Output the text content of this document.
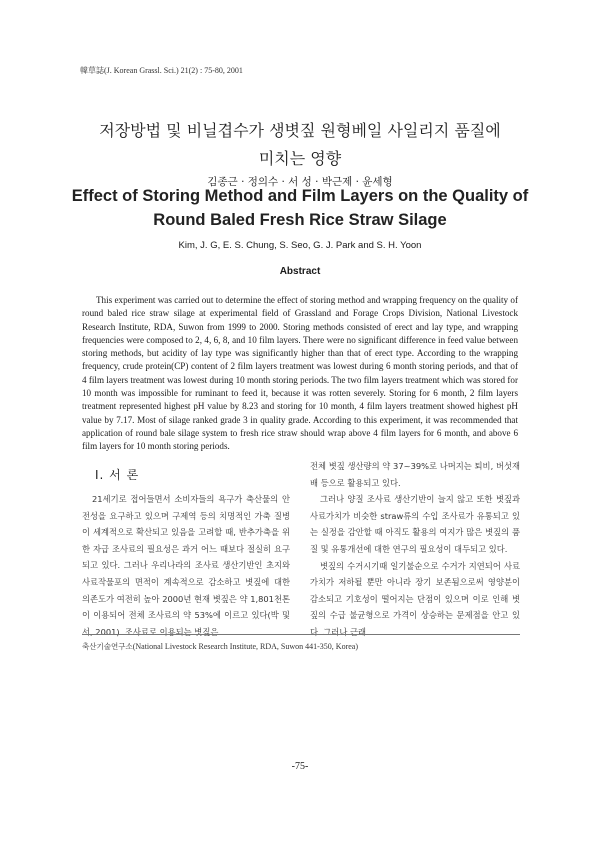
韓草誌(J. Korean Grassl. Sci.) 21(2) : 75-80, 2001
저장방법 및 비닐겹수가 생볏짚 원형베일 사일리지 품질에
미치는 영향
김종근 · 정의수 · 서 성 · 박근제 · 윤세형
Effect of Storing Method and Film Layers on the Quality of
Round Baled Fresh Rice Straw Silage
Kim, J. G, E. S. Chung, S. Seo, G. J. Park and S. H. Yoon
Abstract
This experiment was carried out to determine the effect of storing method and wrapping frequency on the quality of round baled rice straw silage at experimental field of Grassland and Forage Crops Division, National Livestock Research Institute, RDA, Suwon from 1999 to 2000. Storing methods consisted of erect and lay type, and wrapping frequencies were composed to 2, 4, 6, 8, and 10 film layers. There were no significant difference in feed value between storing methods, but acidity of lay type was significantly higher than that of erect type. According to the wrapping frequency, crude protein(CP) content of 2 film layers treatment was lowest during 6 month storing periods, and that of 4 film layers treatment was lowest during 10 month storing periods. The two film layers treatment which was stored for 10 month was impossible for ruminant to feed it, because it was rotten severely. Storing for 6 month, 2 film layers treatment represented highest pH value by 8.23 and storing for 10 month, 4 film layers treatment showed highest pH value by 7.17. Most of silage ranked grade 3 in quality grade. According to this experiment, it was recommended that application of round bale silage system to fresh rice straw should wrap above 4 film layers for 6 month, and above 6 film layers for 10 month storing periods.
Ⅰ. 서 론
21세기로 접어들면서 소비자들의 욕구가 축산물의 안전성을 요구하고 있으며 구제역 등의 치명적인 가축 질병이 세계적으로 확산되고 있음을 고려할 때, 반추가축을 위한 자급 조사료의 필요성은 과거 어느 때보다 절실히 요구되고 있다. 그러나 우리나라의 조사료 생산기반인 초지와 사료작물포의 면적이 계속적으로 감소하고 볏짚에 대한 의존도가 여전히 높아 2000년 현재 볏짚은 약 1,801천톤이 이용되어 전체 조사료의 약 53%에 이르고 있다(박 및 서, 2001). 조사료로 이용되는 볏짚은

전체 볏짚 생산량의 약 37~39%로 나머지는 퇴비, 버섯재배 등으로 활용되고 있다.

그러나 양질 조사료 생산기반이 늘지 않고 또한 볏짚과 사료가치가 비슷한 straw류의 수입 조사료가 유통되고 있는 실정을 감안할 때 아직도 활용의 여지가 많은 볏짚의 품질 및 유통개선에 대한 연구의 필요성이 대두되고 있다.

볏짚의 수거시기때 일기불순으로 수거가 지연되어 사료가치가 저하될 뿐만 아니라 장기 보존됨으로써 영양분이 감소되고 기호성이 떨어지는 단점이 있으며 이로 인해 볏짚의 수급 불균형으로 가격이 상승하는 문제점을 안고 있다. 그러나 근래

축산기술연구소(National Livestock Research Institute, RDA, Suwon 441-350, Korea)
-75-
